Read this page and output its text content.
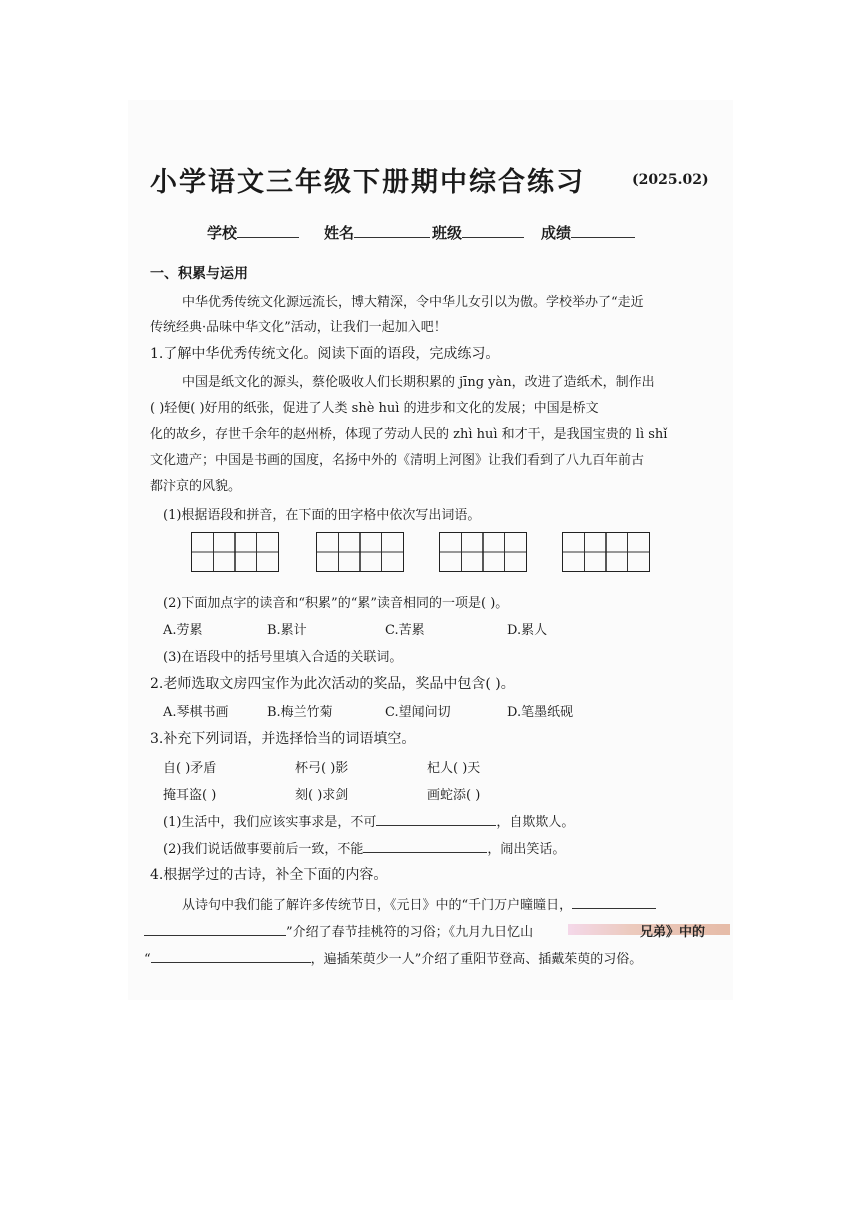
小学语文三年级下册期中综合练习	(2025.02)
学校	姓名	班级	成绩
一、积累与运用
中华优秀传统文化源远流长，博大精深，令中华儿女引以为傲。学校举办了“走近
传统经典·品味中华文化”活动，让我们一起加入吧！
1.了解中华优秀传统文化。阅读下面的语段，完成练习。
中国是纸文化的源头，蔡伦吸收人们长期积累的 jīng yàn，改进了造纸术，制作出
( )轻便( )好用的纸张，促进了人类 shè huì 的进步和文化的发展；中国是桥文
化的故乡，存世千余年的赵州桥，体现了劳动人民的 zhì huì 和才干，是我国宝贵的 lì shǐ
文化遗产；中国是书画的国度，名扬中外的《清明上河图》让我们看到了八九百年前古
都汴京的风貌。
(1)根据语段和拼音，在下面的田字格中依次写出词语。
(2)下面加点字的读音和“积累”的“累”读音相同的一项是( )。
A.劳累	B.累计	C.苦累	D.累人
(3)在语段中的括号里填入合适的关联词。
2.老师选取文房四宝作为此次活动的奖品，奖品中包含( )。
A.琴棋书画	B.梅兰竹菊	C.望闻问切	D.笔墨纸砚
3.补充下列词语，并选择恰当的词语填空。
自( )矛盾	杯弓( )影	杞人( )天
掩耳盗( )	刻( )求剑	画蛇添( )
(1)生活中，我们应该实事求是，不可	，自欺欺人。
(2)我们说话做事要前后一致，不能	，闹出笑话。
4.根据学过的古诗，补全下面的内容。
从诗句中我们能了解许多传统节日，《元日》中的“千门万户曈曈日，
”介绍了春节挂桃符的习俗；《九月九日忆山	兄弟》中的
“	，遍插茱萸少一人”介绍了重阳节登高、插戴茱萸的习俗。
